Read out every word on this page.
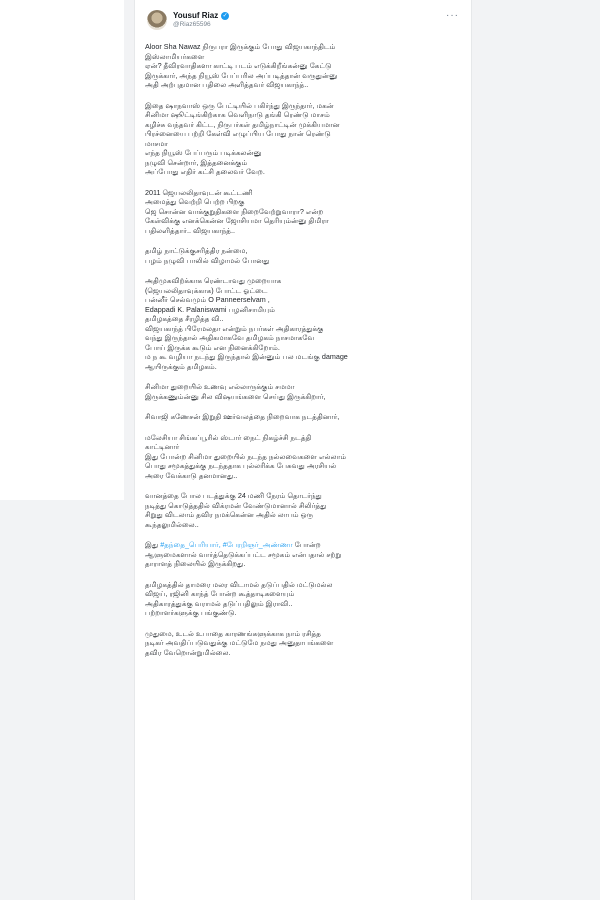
Yousuf Riaz ✓
@Riaz65596
···
Aloor Sha Nawaz நிருபரா இருக்கும் போது விஜயகாந்திடம்
இஸ்லாமியர்களை
ஏன்? தீவிரவாதிகளா காட்டி படம் எடுக்கிறீங்கன்னு கேட்டு
இருக்கார், அந்த நியூஸ் பேப்பரில அப்படித்தான் வருதுன்னு
அதி அற்புதமான பதிலை அளித்தவர் விஜயகாந்த்..
இதை ஷாநவாஸ் ஒரு பேட்டியில் பகிர்ந்து இருந்தார், மகன்
சினிமா ஷூட்டிங்கிற்காக வெளிநாடு தங்கி ரெண்டு மாசம்
கழிச்சு வந்தவர் கிட்ட, நிருபர்கள் தமிழ்நாட்டின் முக்கியமான
பிரச்னையை பற்றி கேள்வி எழுப்பிய போது நான் ரெண்டு
மாசமா
எந்த நியூஸ் பேப்பரும் படிக்கலன்னு
நழுவி சென்றார், இத்தனைக்கும்
அப்போது எதிர் கட்சி தலைவர் வேற.
2011 ஜெயலலிதாவுடன் கூட்டணி
அமைத்து வெற்றி பெற்ற பிறகு
ஜெ சொன்ன வாக்குறுதிகளை நிறைவேற்றுவாரா? என்ற
கேள்விக்கு எனக்கென்ன ஜோசியமா தெரியும்ன்னு திமிரா
பதிலளித்தார்.. விஜயகாந்த்..
தமிழ் நாட்டுக்குசரித்திர நன்மை,
பழம் நழுவி பாலில் விழாமல் போனது
அதிமுகவிற்க்காக ரெண்டாவது முறையாக
(ஜெயலலிதாவுக்காக) போட்ட ஓட்டை
பன்னீர் செல்வமும் O Panneerselvam ,
Edappadi K. Palaniswami பழனிசாமியும்
தமிழகத்தை சீரழித்த வி..
விஜயகாந்த் பிரேமலதா என்றும் நபர்கள் அதிகாரத்துக்கு
வந்து இருந்தால் அதிகமாகவே தமிழகம் நாசமாகவே
போய் இருக்க கூடும் என நினைக்கிறோம்.
ம ந கூ வழியா நடந்து இருந்தால் இன்னும் பல மடங்கு damage
ஆயிருக்கும் தமிழகம்.
சினிமா துறையில் உணவு எல்லாருக்கும் சமமா
இருக்கணும்ன்னு சில விஷயங்களை செய்து இருக்கிறார்,
சிவாஜி கணேசன் இறுதி ஊர்வலத்தை நிறைவாக நடத்தினார்,
மலேசியா சிங்கப்பூரில் ஸ்டார் நைட் நிகழ்ச்சி நடத்தி
காட்டினார்
இது போன்ற சினிமா துறையில் நடந்த நல்லவைகளை எல்லாம்
பொது சமூகத்துக்கு நடந்ததாக புல்லரிக்க பேசுவது அரசியல்
அரை வேக்காடு தனமானது..
வானத்தை போல படத்துக்கு 24 மணி நேரம் தொடர்ந்து
நடித்து கொடுத்ததில் விக்ரமன் வேண்டுமானால் சிலிர்த்து
சிறுது விடலாம் தவிர நமக்கென்ன அதில் லாபம் ஒரு
கூந்தலுமில்லை..
இது #தந்தை_பெரியார், #பேரறிஞர்_அண்ணா போன்ற
ஆளுமைகளால் வார்த்தெடுக்கப்பட்ட சமூகம் என்பதால் சற்று
தாராளத் நிலையில் இருக்கிறது.
தமிழகத்தில் தாமரை மலர விடாமல் தடுப்பதில் மட்டுமல்ல
விஜய், ரஜினி காந்த் போன்ற கூத்தாடிகளையும்
அதிகாரத்துக்கு வராமல் தடுப்பதிலும் இராவி..
பற்றாளர்களுக்கு பங்குண்டு.
முதுமை, உடல் உபாதை காரணங்களுக்காக நாம் ரசித்த
நடிகர் அவதிப்படுவதுக்கு மட்டுமே நமது அனுதாபங்களை
தவிர வேறொன்றுமில்லை.
